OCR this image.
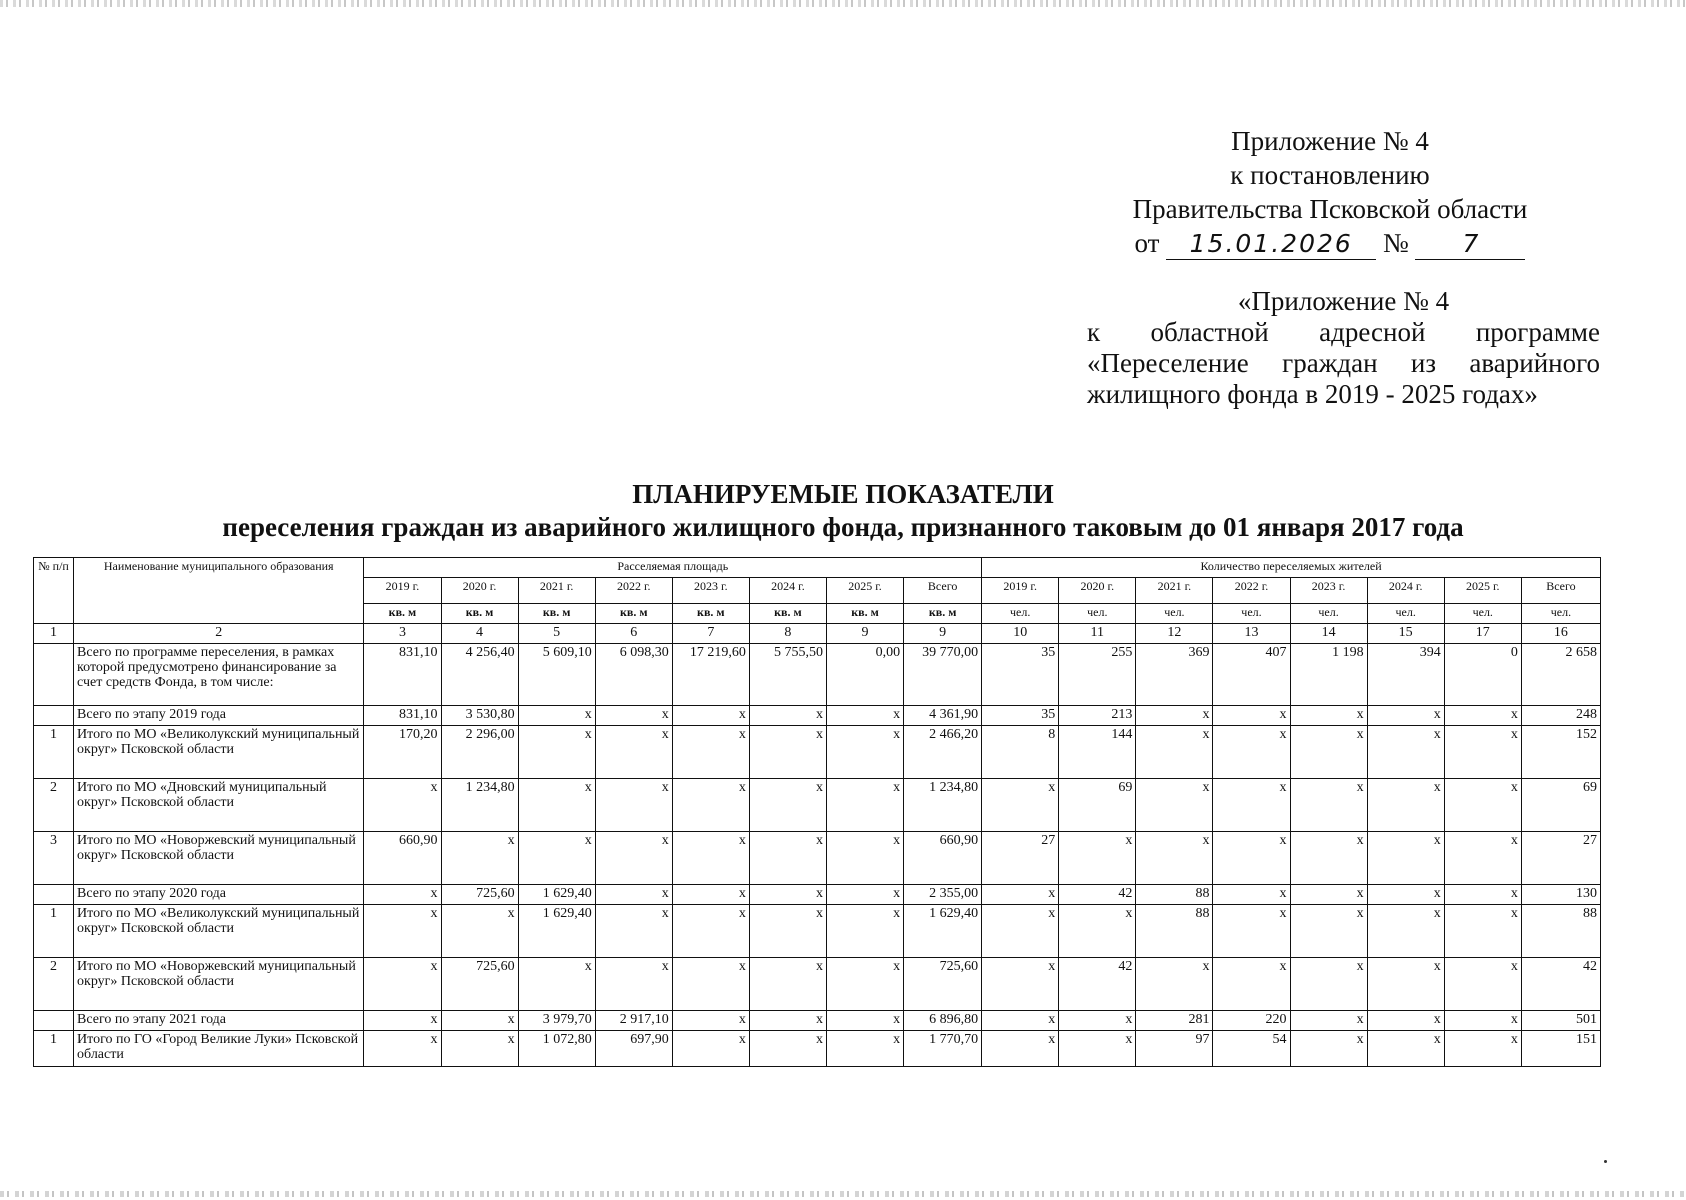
Приложение № 4
к постановлению
Правительства Псковской области
от 15.01.2026 № 7
«Приложение № 4
к областной адресной программе
«Переселение граждан из аварийного
жилищного фонда в 2019 - 2025 годах»
ПЛАНИРУЕМЫЕ ПОКАЗАТЕЛИ
переселения граждан из аварийного жилищного фонда, признанного таковым до 01 января 2017 года
№ п/п	Наименование муниципального образования	Расселяемая площадь								Количество переселяемых жителей							
		2019 г.	2020 г.	2021 г.	2022 г.	2023 г.	2024 г.	2025 г.	Всего	2019 г.	2020 г.	2021 г.	2022 г.	2023 г.	2024 г.	2025 г.	Всего
		кв. м	кв. м	кв. м	кв. м	кв. м	кв. м	кв. м	кв. м	чел.	чел.	чел.	чел.	чел.	чел.	чел.	чел.
1	2	3	4	5	6	7	8	9	9	10	11	12	13	14	15	17	16
	Всего по программе переселения, в рамках которой предусмотрено финансирование за счет средств Фонда, в том числе:	831,10	4 256,40	5 609,10	6 098,30	17 219,60	5 755,50	0,00	39 770,00	35	255	369	407	1 198	394	0	2 658
	Всего по этапу 2019 года	831,10	3 530,80	x	x	x	x	x	4 361,90	35	213	x	x	x	x	x	248
1	Итого по МО «Великолукский муниципальный округ» Псковской области	170,20	2 296,00	x	x	x	x	x	2 466,20	8	144	x	x	x	x	x	152
2	Итого по МО «Дновский муниципальный округ» Псковской области	x	1 234,80	x	x	x	x	x	1 234,80	x	69	x	x	x	x	x	69
3	Итого по МО «Новоржевский муниципальный округ» Псковской области	660,90	x	x	x	x	x	x	660,90	27	x	x	x	x	x	x	27
	Всего по этапу 2020 года	x	725,60	1 629,40	x	x	x	x	2 355,00	x	42	88	x	x	x	x	130
1	Итого по МО «Великолукский муниципальный округ» Псковской области	x	x	1 629,40	x	x	x	x	1 629,40	x	x	88	x	x	x	x	88
2	Итого по МО «Новоржевский муниципальный округ» Псковской области	x	725,60	x	x	x	x	x	725,60	x	42	x	x	x	x	x	42
	Всего по этапу 2021 года	x	x	3 979,70	2 917,10	x	x	x	6 896,80	x	x	281	220	x	x	x	501
1	Итого по ГО «Город Великие Луки» Псковской области	x	x	1 072,80	697,90	x	x	x	1 770,70	x	x	97	54	x	x	x	151
